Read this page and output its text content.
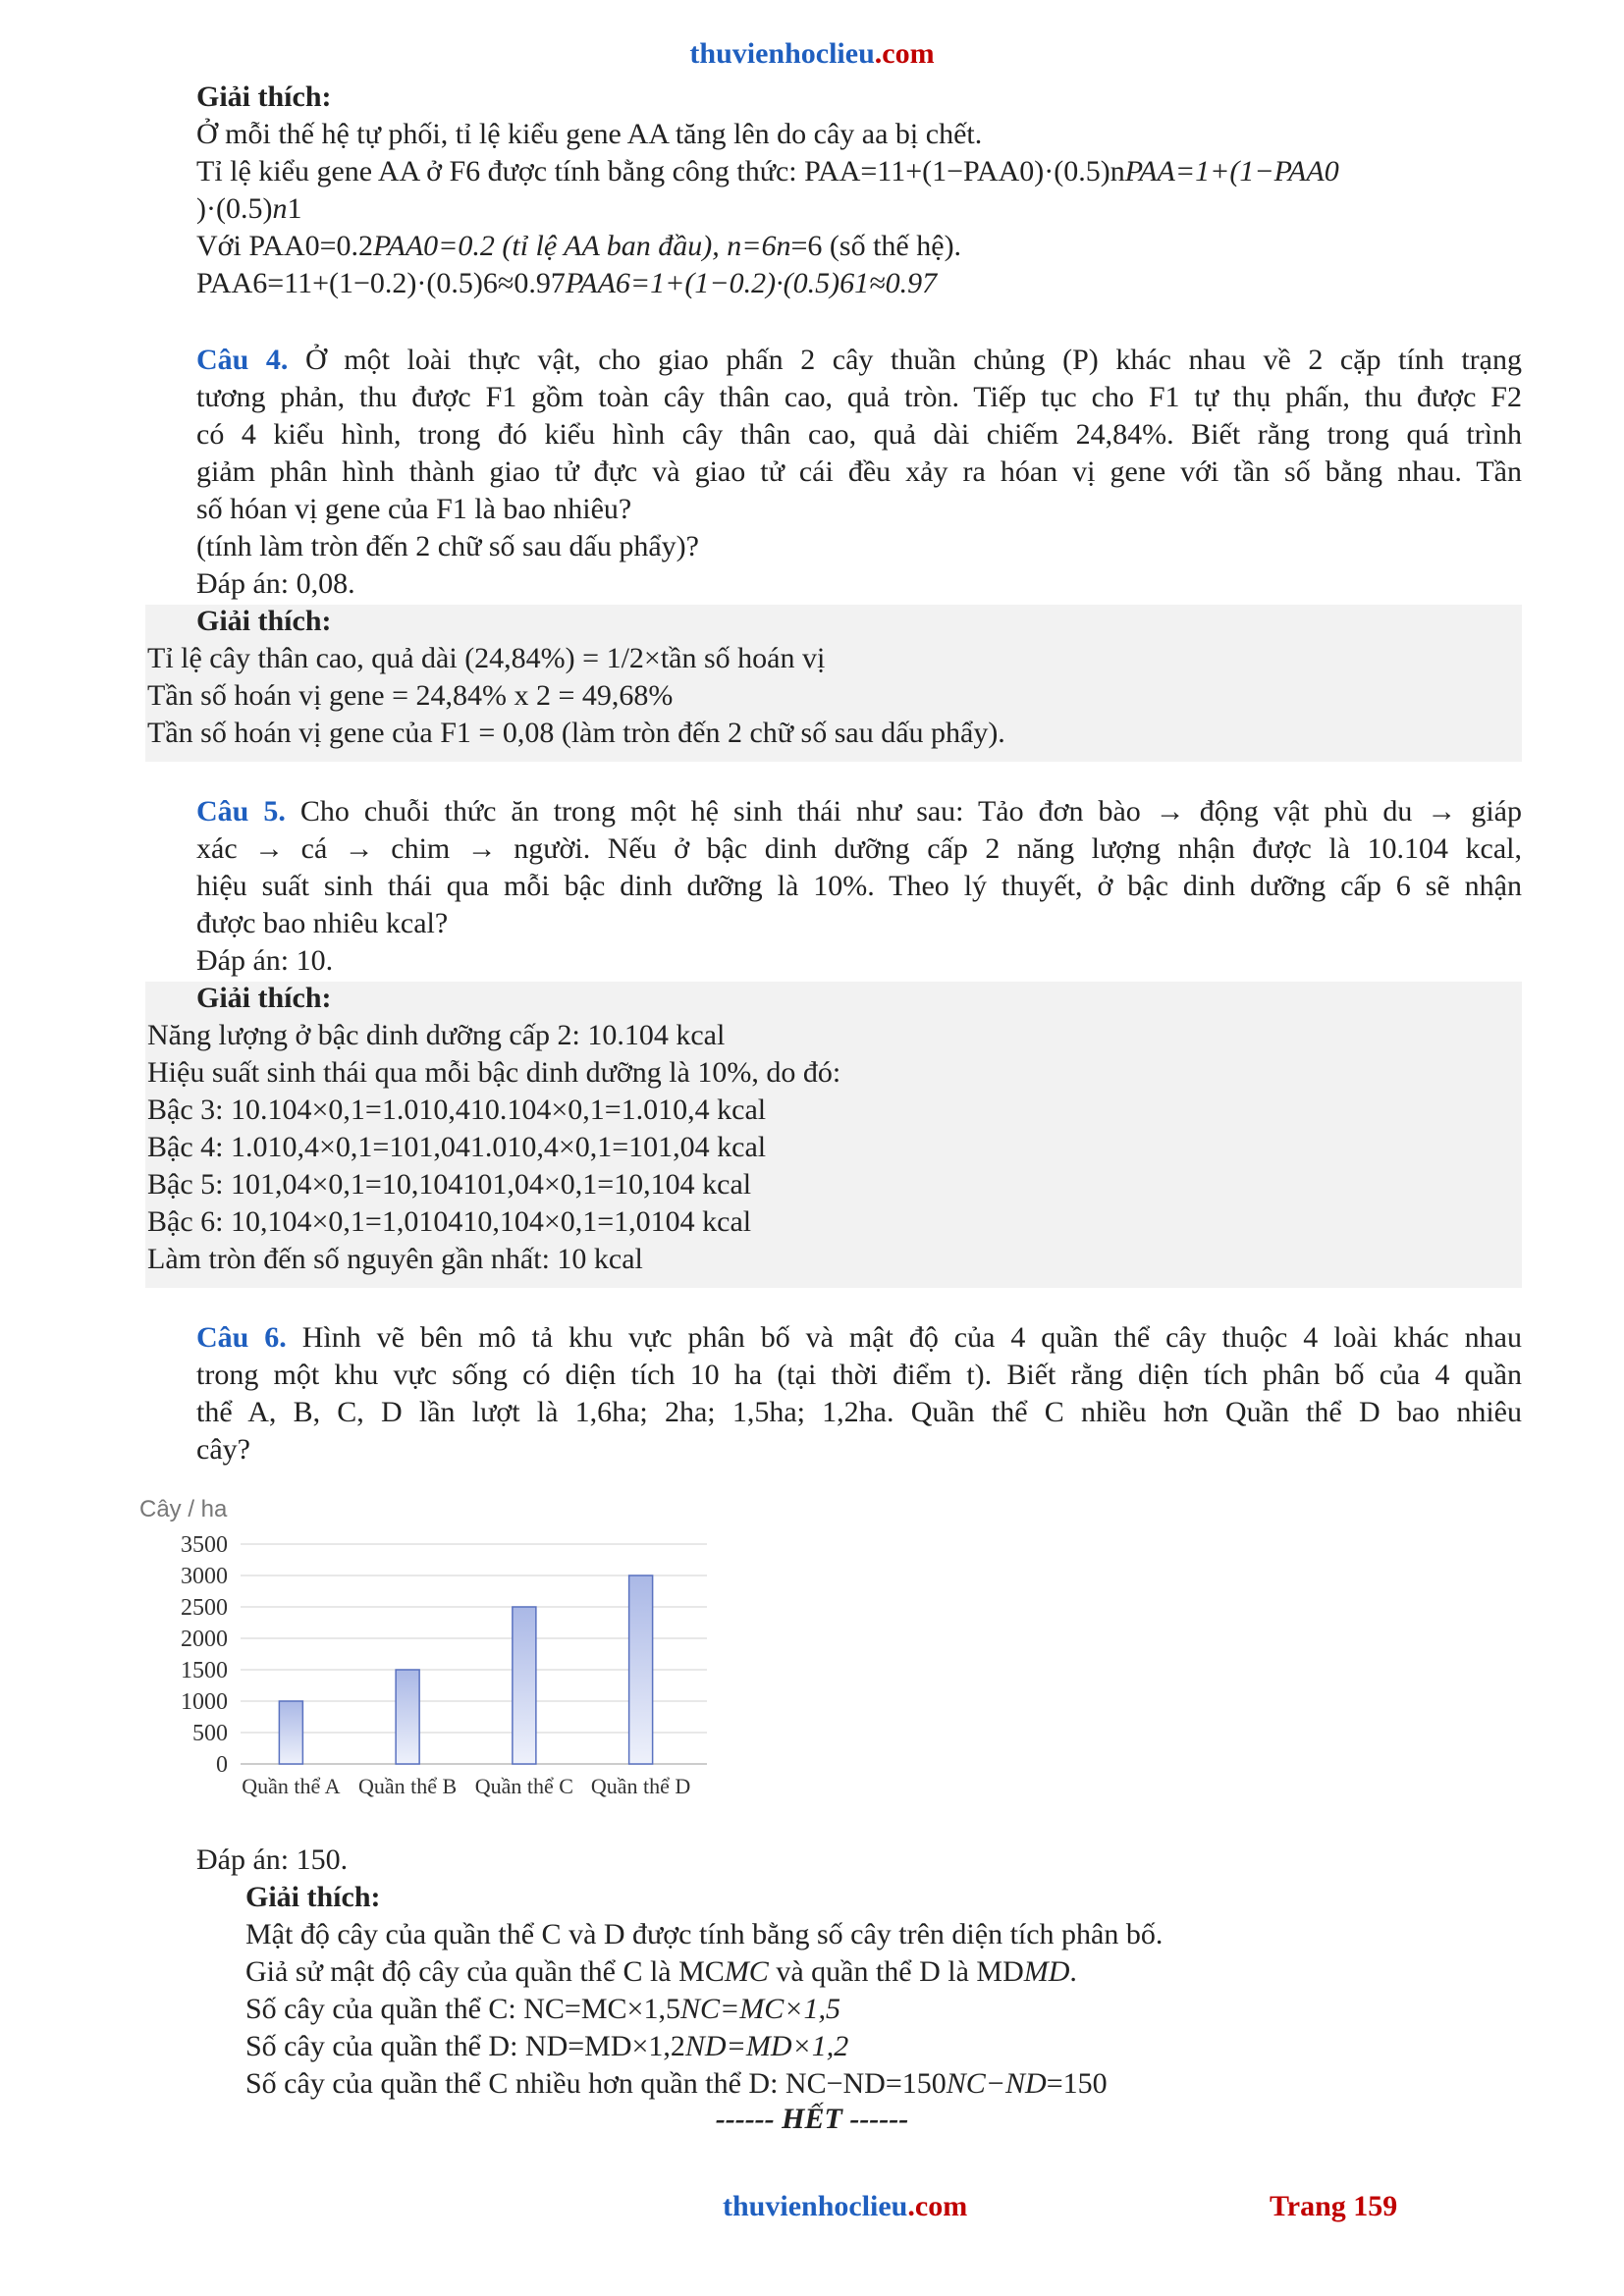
thuvienhoclieu.com
Giải thích:
Ở mỗi thế hệ tự phối, tỉ lệ kiểu gene AA tăng lên do cây aa bị chết.
Tỉ lệ kiểu gene AA ở F6 được tính bằng công thức: PAA=11+(1−PAA0)·(0.5)nPAA=1+(1−PAA0
)·(0.5)n1
Với PAA0=0.2PAA0=0.2 (tỉ lệ AA ban đầu), n=6n=6 (số thế hệ).
PAA6=11+(1−0.2)·(0.5)6≈0.97PAA6=1+(1−0.2)·(0.5)61≈0.97
Câu 4. Ở một loài thực vật, cho giao phấn 2 cây thuần chủng (P) khác nhau về 2 cặp tính trạng
tương phản, thu được F1 gồm toàn cây thân cao, quả tròn. Tiếp tục cho F1 tự thụ phấn, thu được F2
có 4 kiểu hình, trong đó kiểu hình cây thân cao, quả dài chiếm 24,84%. Biết rằng trong quá trình
giảm phân hình thành giao tử đực và giao tử cái đều xảy ra hóan vị gene với tần số bằng nhau. Tần
số hóan vị gene của F1 là bao nhiêu?
(tính làm tròn đến 2 chữ số sau dấu phẩy)?
Đáp án: 0,08.
Giải thích:
Tỉ lệ cây thân cao, quả dài (24,84%) = 1/2×tần số hoán vị
Tần số hoán vị gene = 24,84% x 2 = 49,68%
Tần số hoán vị gene của F1 = 0,08 (làm tròn đến 2 chữ số sau dấu phẩy).
Câu 5. Cho chuỗi thức ăn trong một hệ sinh thái như sau: Tảo đơn bào → động vật phù du → giáp
xác → cá → chim → người. Nếu ở bậc dinh dưỡng cấp 2 năng lượng nhận được là 10.104 kcal,
hiệu suất sinh thái qua mỗi bậc dinh dưỡng là 10%. Theo lý thuyết, ở bậc dinh dưỡng cấp 6 sẽ nhận
được bao nhiêu kcal?
Đáp án: 10.
Giải thích:
Năng lượng ở bậc dinh dưỡng cấp 2: 10.104 kcal
Hiệu suất sinh thái qua mỗi bậc dinh dưỡng là 10%, do đó:
Bậc 3: 10.104×0,1=1.010,410.104×0,1=1.010,4 kcal
Bậc 4: 1.010,4×0,1=101,041.010,4×0,1=101,04 kcal
Bậc 5: 101,04×0,1=10,104101,04×0,1=10,104 kcal
Bậc 6: 10,104×0,1=1,010410,104×0,1=1,0104 kcal
Làm tròn đến số nguyên gần nhất: 10 kcal
Câu 6. Hình vẽ bên mô tả khu vực phân bố và mật độ của 4 quần thể cây thuộc 4 loài khác nhau
trong một khu vực sống có diện tích 10 ha (tại thời điểm t). Biết rằng diện tích phân bố của 4 quần
thể A, B, C, D lần lượt là 1,6ha; 2ha; 1,5ha; 1,2ha. Quần thể C nhiều hơn Quần thể D bao nhiêu
cây?
Cây / ha
0
500
1000
1500
2000
2500
3000
3500
Quần thể A Quần thể B Quần thể C Quần thể D
Đáp án: 150.
Giải thích:
Mật độ cây của quần thể C và D được tính bằng số cây trên diện tích phân bố.
Giả sử mật độ cây của quần thể C là MCMC và quần thể D là MDMD.
Số cây của quần thể C: NC=MC×1,5NC=MC×1,5
Số cây của quần thể D: ND=MD×1,2ND=MD×1,2
Số cây của quần thể C nhiều hơn quần thể D: NC−ND=150NC−ND=150
------ HẾT ------
thuvienhoclieu.com	Trang 159
